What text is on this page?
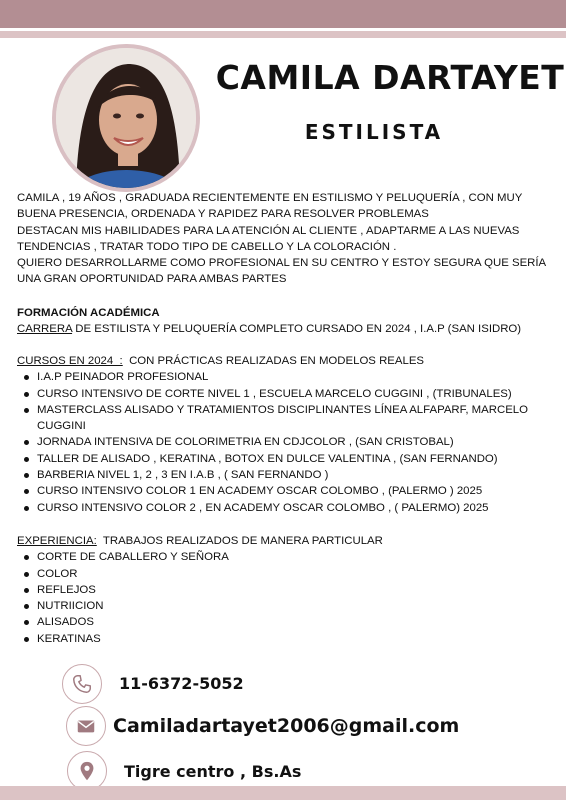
CAMILA DARTAYET
ESTILISTA

CAMILA , 19 AÑOS , GRADUADA RECIENTEMENTE EN ESTILISMO Y PELUQUERÍA , CON MUY BUENA PRESENCIA, ORDENADA Y RAPIDEZ PARA RESOLVER PROBLEMAS

DESTACAN MIS HABILIDADES PARA LA ATENCIÓN AL CLIENTE , ADAPTARME A LAS NUEVAS TENDENCIAS , TRATAR TODO TIPO DE CABELLO Y LA COLORACIÓN .

QUIERO DESARROLLARME COMO PROFESIONAL EN SU CENTRO Y ESTOY SEGURA QUE SERÍA UNA GRAN OPORTUNIDAD PARA AMBAS PARTES

FORMACIÓN ACADÉMICA

CARRERA DE ESTILISTA Y PELUQUERÍA COMPLETO CURSADO EN 2024 , I.A.P (SAN ISIDRO)

CURSOS EN 2024  :  CON PRÁCTICAS REALIZADAS EN MODELOS REALES

I.A.P PEINADOR PROFESIONAL
CURSO INTENSIVO DE CORTE NIVEL 1 , ESCUELA MARCELO CUGGINI , (TRIBUNALES)
MASTERCLASS ALISADO Y TRATAMIENTOS DISCIPLINANTES LÍNEA ALFAPARF, MARCELO CUGGINI
JORNADA INTENSIVA DE COLORIMETRIA EN CDJCOLOR , (SAN CRISTOBAL)
TALLER DE ALISADO , KERATINA , BOTOX EN DULCE VALENTINA , (SAN FERNANDO)
BARBERIA NIVEL 1, 2 , 3 EN I.A.B , ( SAN FERNANDO )
CURSO INTENSIVO COLOR 1 EN ACADEMY OSCAR COLOMBO , (PALERMO ) 2025
CURSO INTENSIVO COLOR 2 , EN ACADEMY OSCAR COLOMBO , ( PALERMO) 2025

EXPERIENCIA:  TRABAJOS REALIZADOS DE MANERA PARTICULAR

CORTE DE CABALLERO Y SEÑORA
COLOR
REFLEJOS
NUTRIICION
ALISADOS
KERATINAS
11-6372-5052
Camiladartayet2006@gmail.com
Tigre centro , Bs.As
